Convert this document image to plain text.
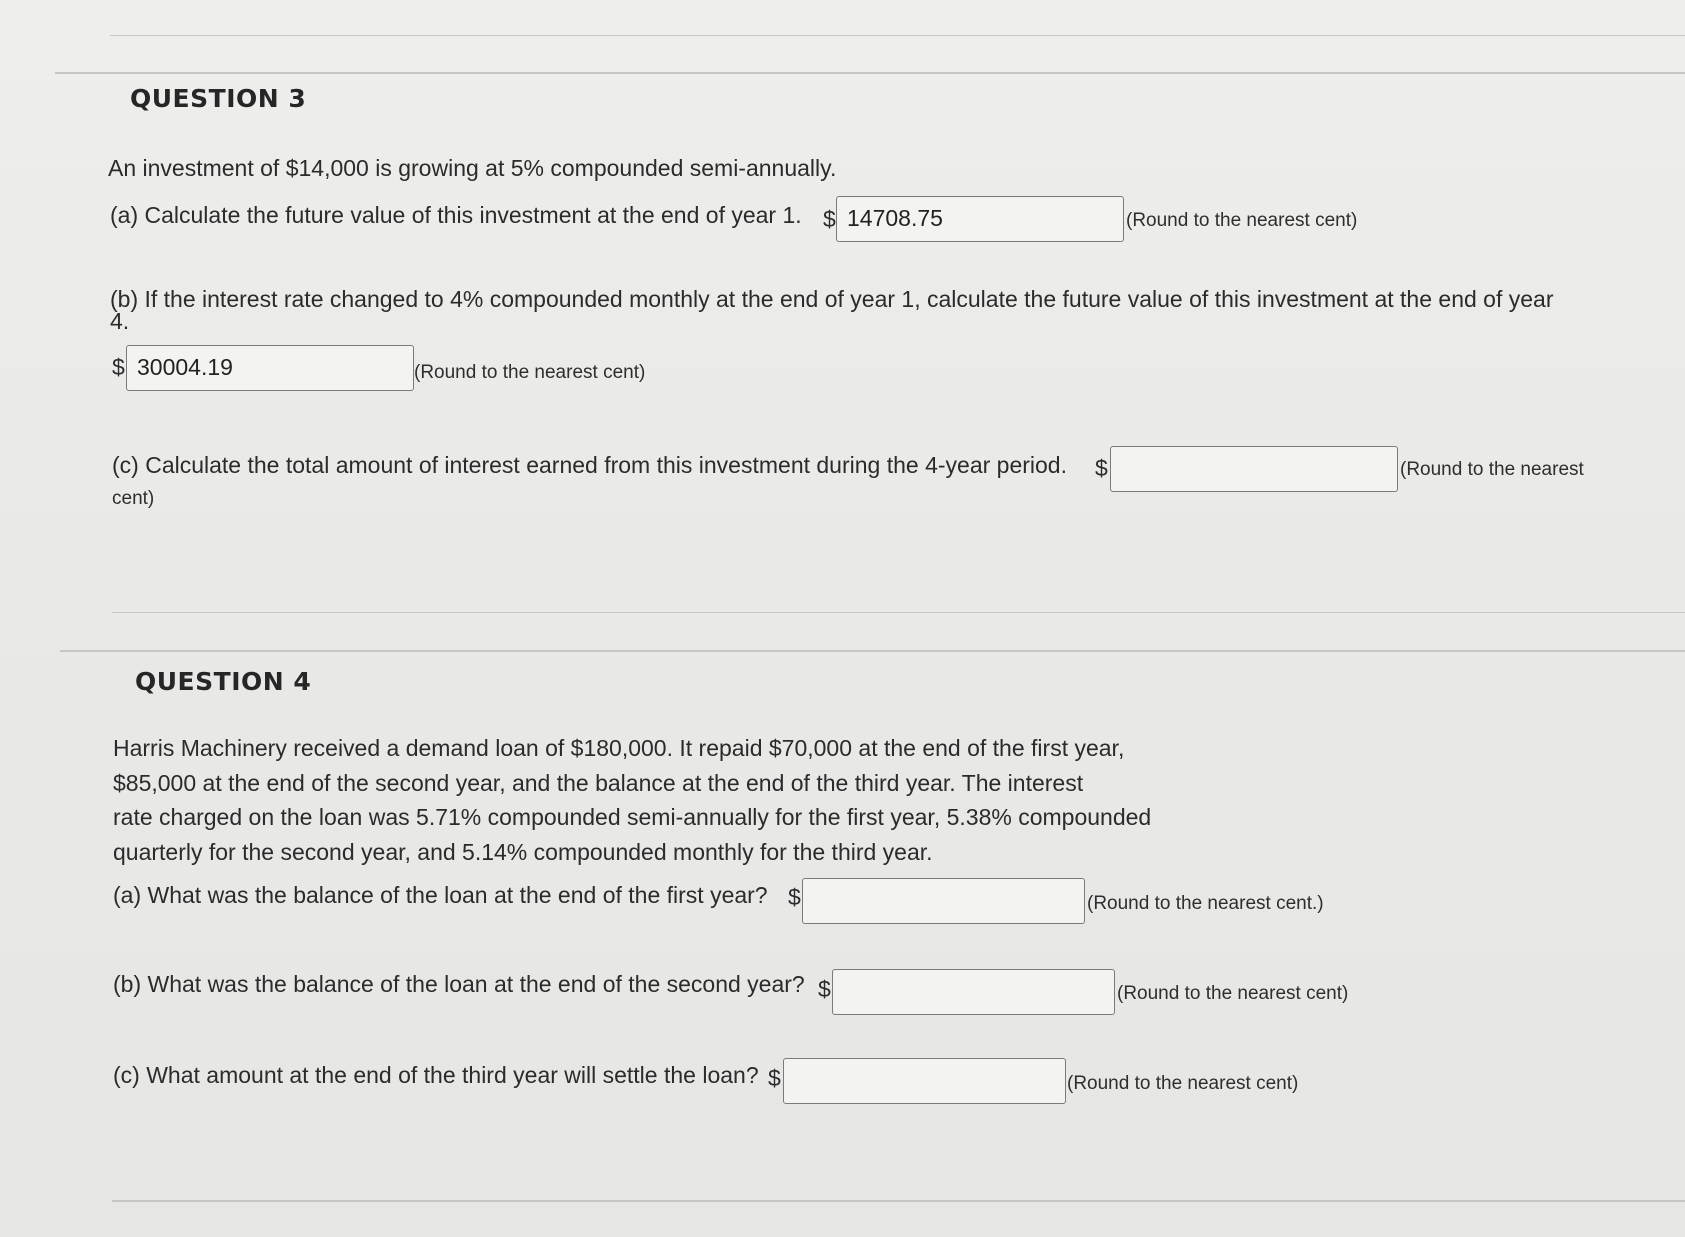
QUESTION 3
An investment of $14,000 is growing at 5% compounded semi-annually.
(a) Calculate the future value of this investment at the end of year 1. $ 14708.75	(Round to the nearest cent)
(b) If the interest rate changed to 4% compounded monthly at the end of year 1, calculate the future value of this investment at the end of year
4.
$ 30004.19	(Round to the nearest cent)
(c) Calculate the total amount of interest earned from this investment during the 4-year period. $	(Round to the nearest
cent)
QUESTION 4
Harris Machinery received a demand loan of $180,000. It repaid $70,000 at the end of the first year,
$85,000 at the end of the second year, and the balance at the end of the third year. The interest
rate charged on the loan was 5.71% compounded semi-annually for the first year, 5.38% compounded
quarterly for the second year, and 5.14% compounded monthly for the third year.
(a) What was the balance of the loan at the end of the first year? $	(Round to the nearest cent.)
(b) What was the balance of the loan at the end of the second year? $	(Round to the nearest cent)
(c) What amount at the end of the third year will settle the loan? $	(Round to the nearest cent)
